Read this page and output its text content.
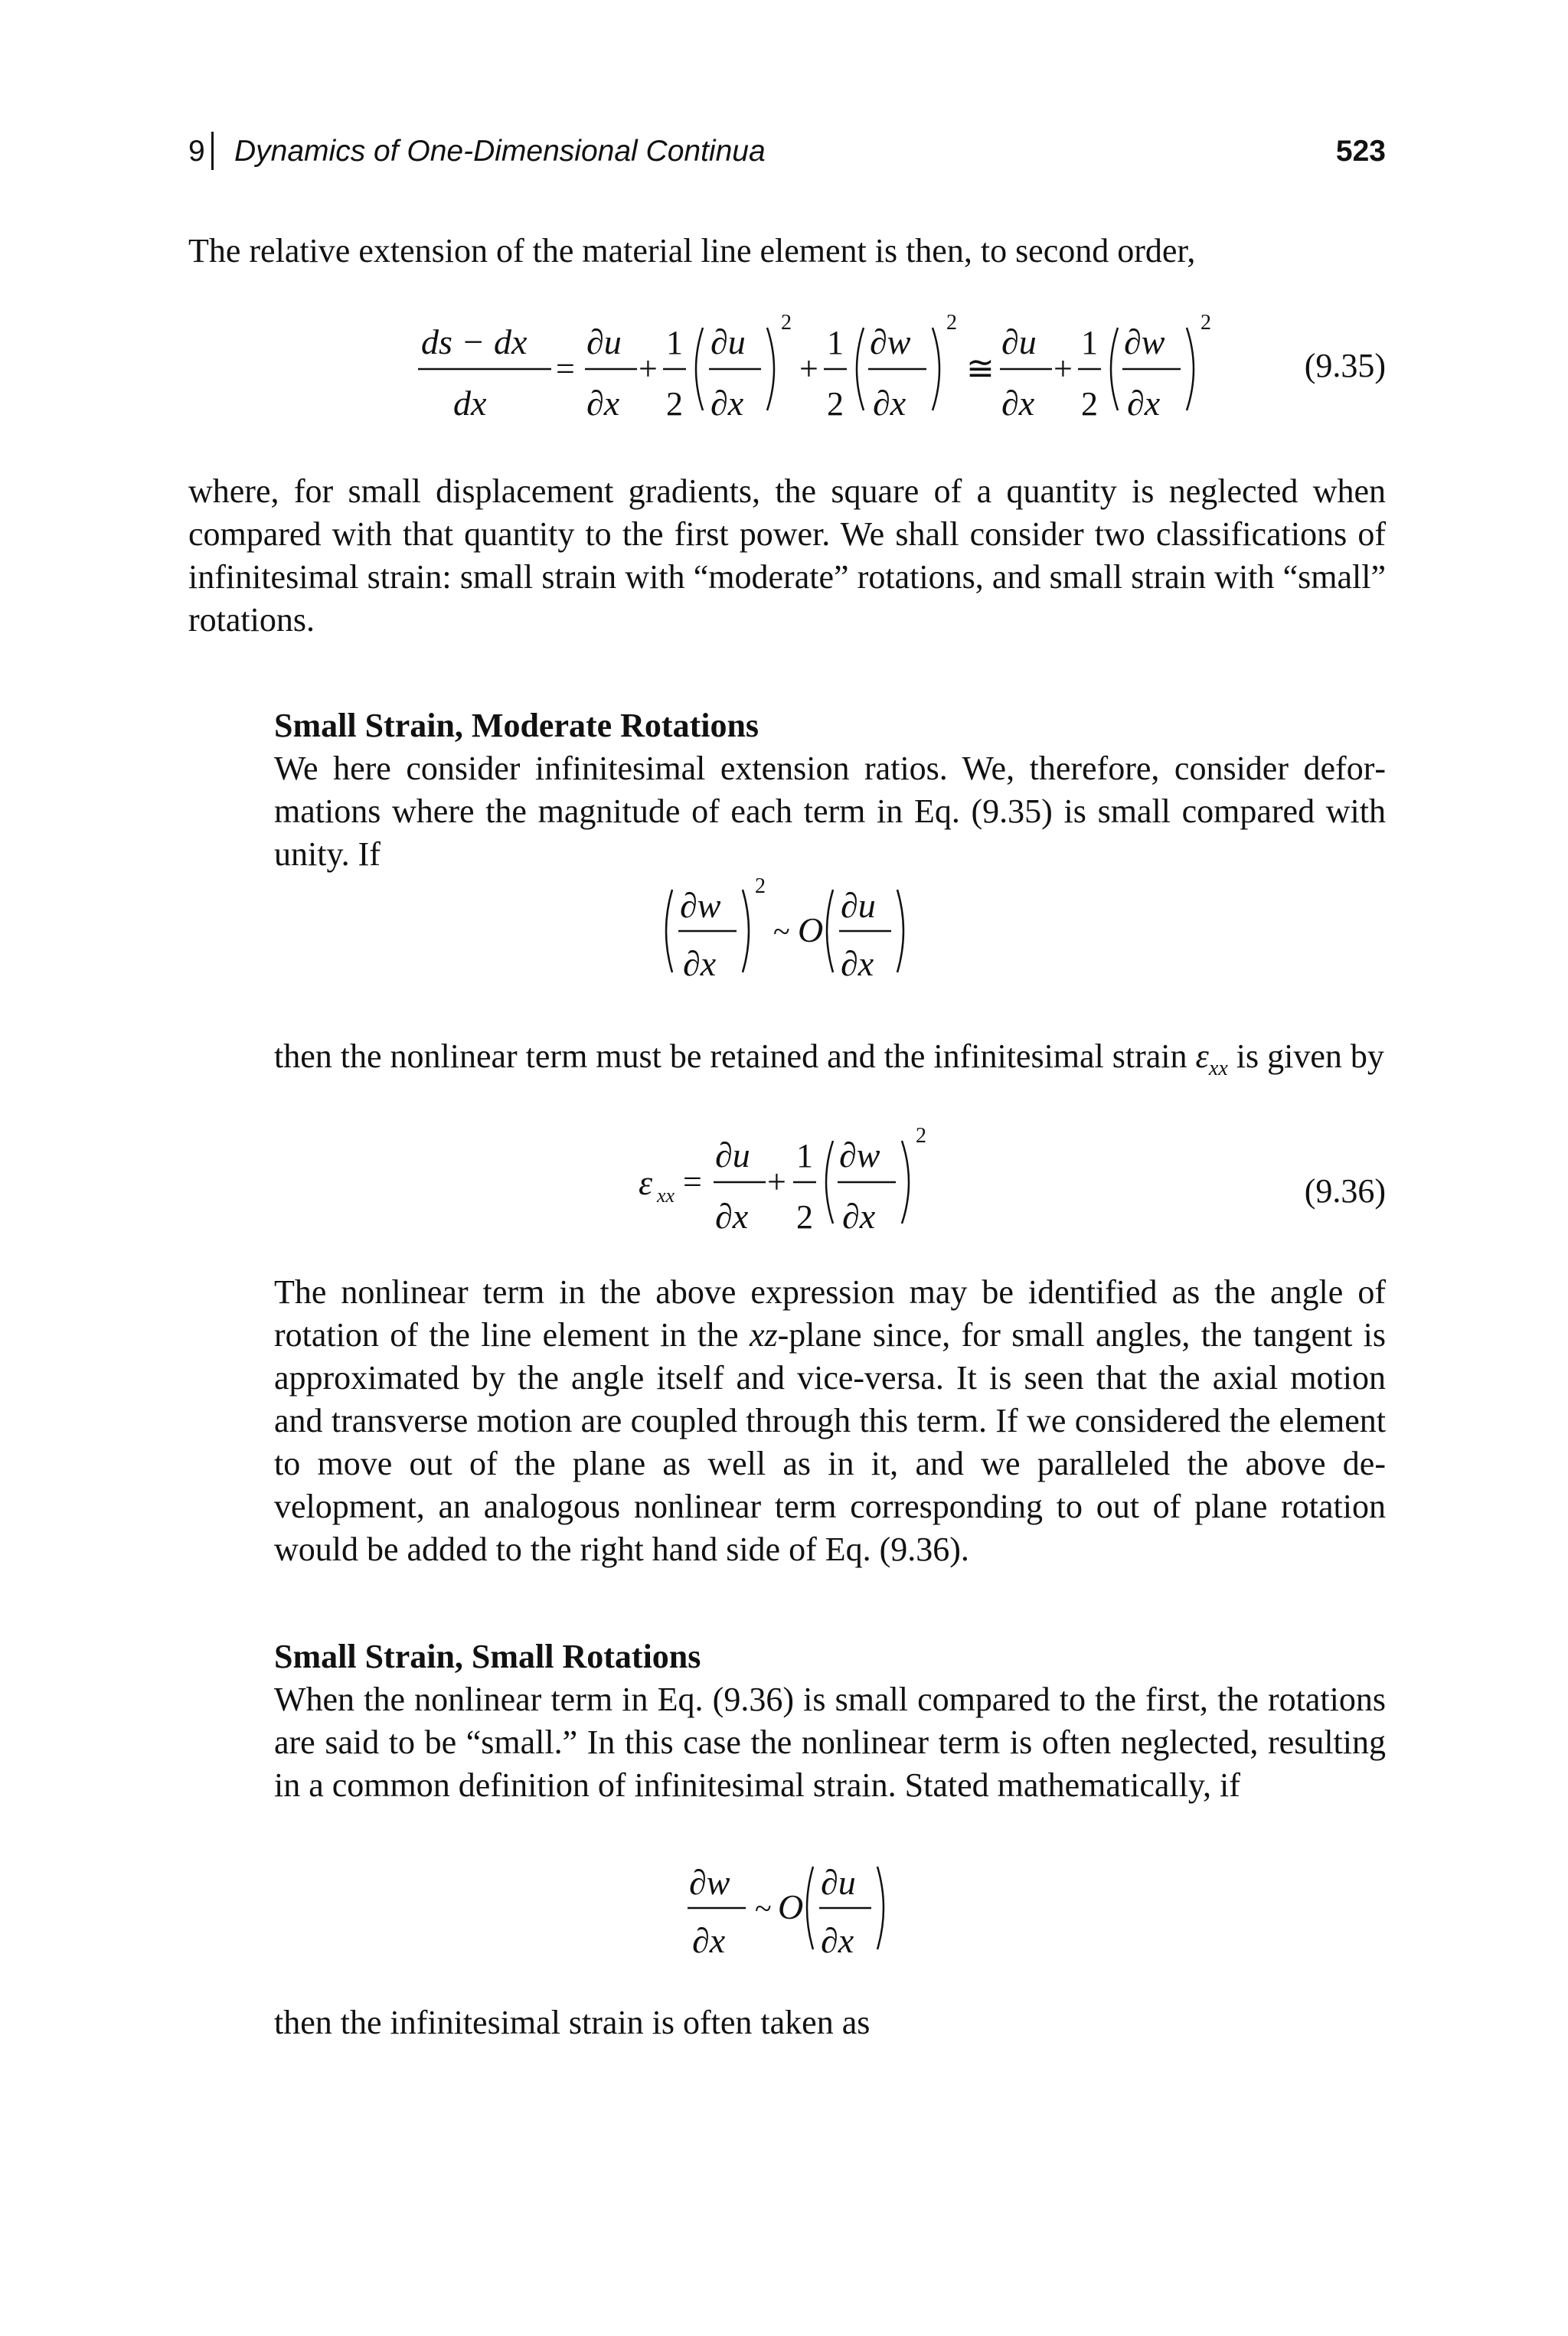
9 Dynamics of One-Dimensional Continua	523

The relative extension of the material line element is then, to second order,

ds − dx
dx
=
∂u
∂x
+
1
2
∂u
∂x
2
+
1
2
∂w
∂x
2
≅
∂u
∂x
+
1
2
∂w
∂x
2
(9.35)

where, for small displacement gradients, the square of a quantity is neglected when compared with that quantity to the first power. We shall consider two classifications of infinitesimal strain: small strain with “moderate” rotations, and small strain with “small” rotations.

Small Strain, Moderate Rotations

We here consider infinitesimal extension ratios. We, therefore, consider deformations where the magnitude of each term in Eq. (9.35) is small compared with unity. If

∂w
∂x
2
~ O
∂u
∂x

then the nonlinear term must be retained and the infinitesimal strain $\varepsilon_{xx}$ is given by

ε xx =
∂u
∂x
+
1
2
∂w
∂x
2
(9.36)

The nonlinear term in the above expression may be identified as the angle of rotation of the line element in the xz-plane since, for small angles, the tangent is approximated by the angle itself and vice-versa. It is seen that the axial motion and transverse motion are coupled through this term. If we considered the element to move out of the plane as well as in it, and we paralleled the above development, an analogous nonlinear term corresponding to out of plane rotation would be added to the right hand side of Eq. (9.36).

Small Strain, Small Rotations

When the nonlinear term in Eq. (9.36) is small compared to the first, the rotations are said to be “small.” In this case the nonlinear term is often neglected, resulting in a common definition of infinitesimal strain. Stated mathematically, if

∂w
∂x
~ O
∂u
∂x

then the infinitesimal strain is often taken as
